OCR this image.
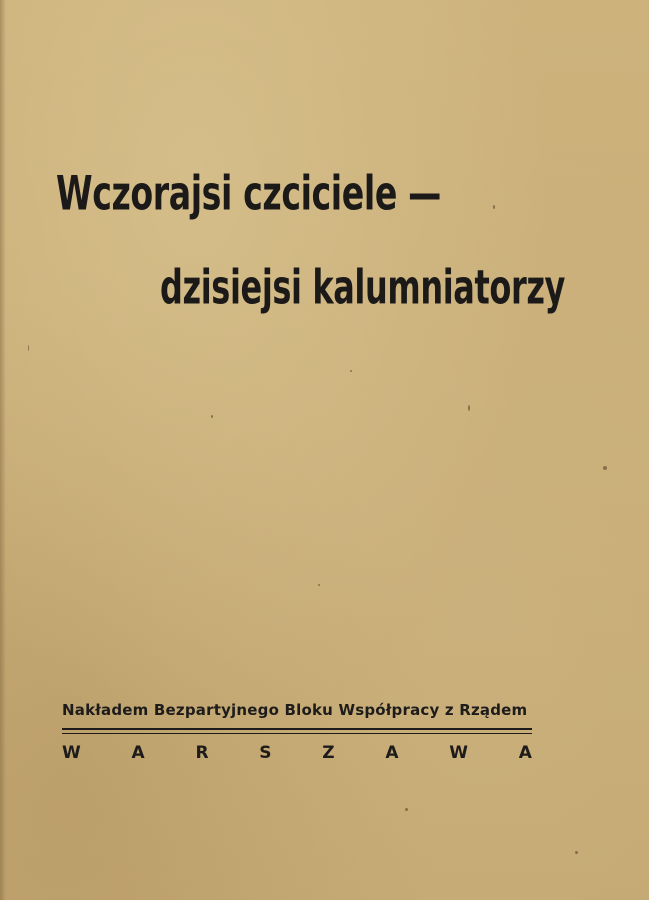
Wczorajsi czciciele —
dzisiejsi kalumniatorzy

Nakładem Bezpartyjnego Bloku Współpracy z Rządem

W	A	R	S	Z	A	W	A
